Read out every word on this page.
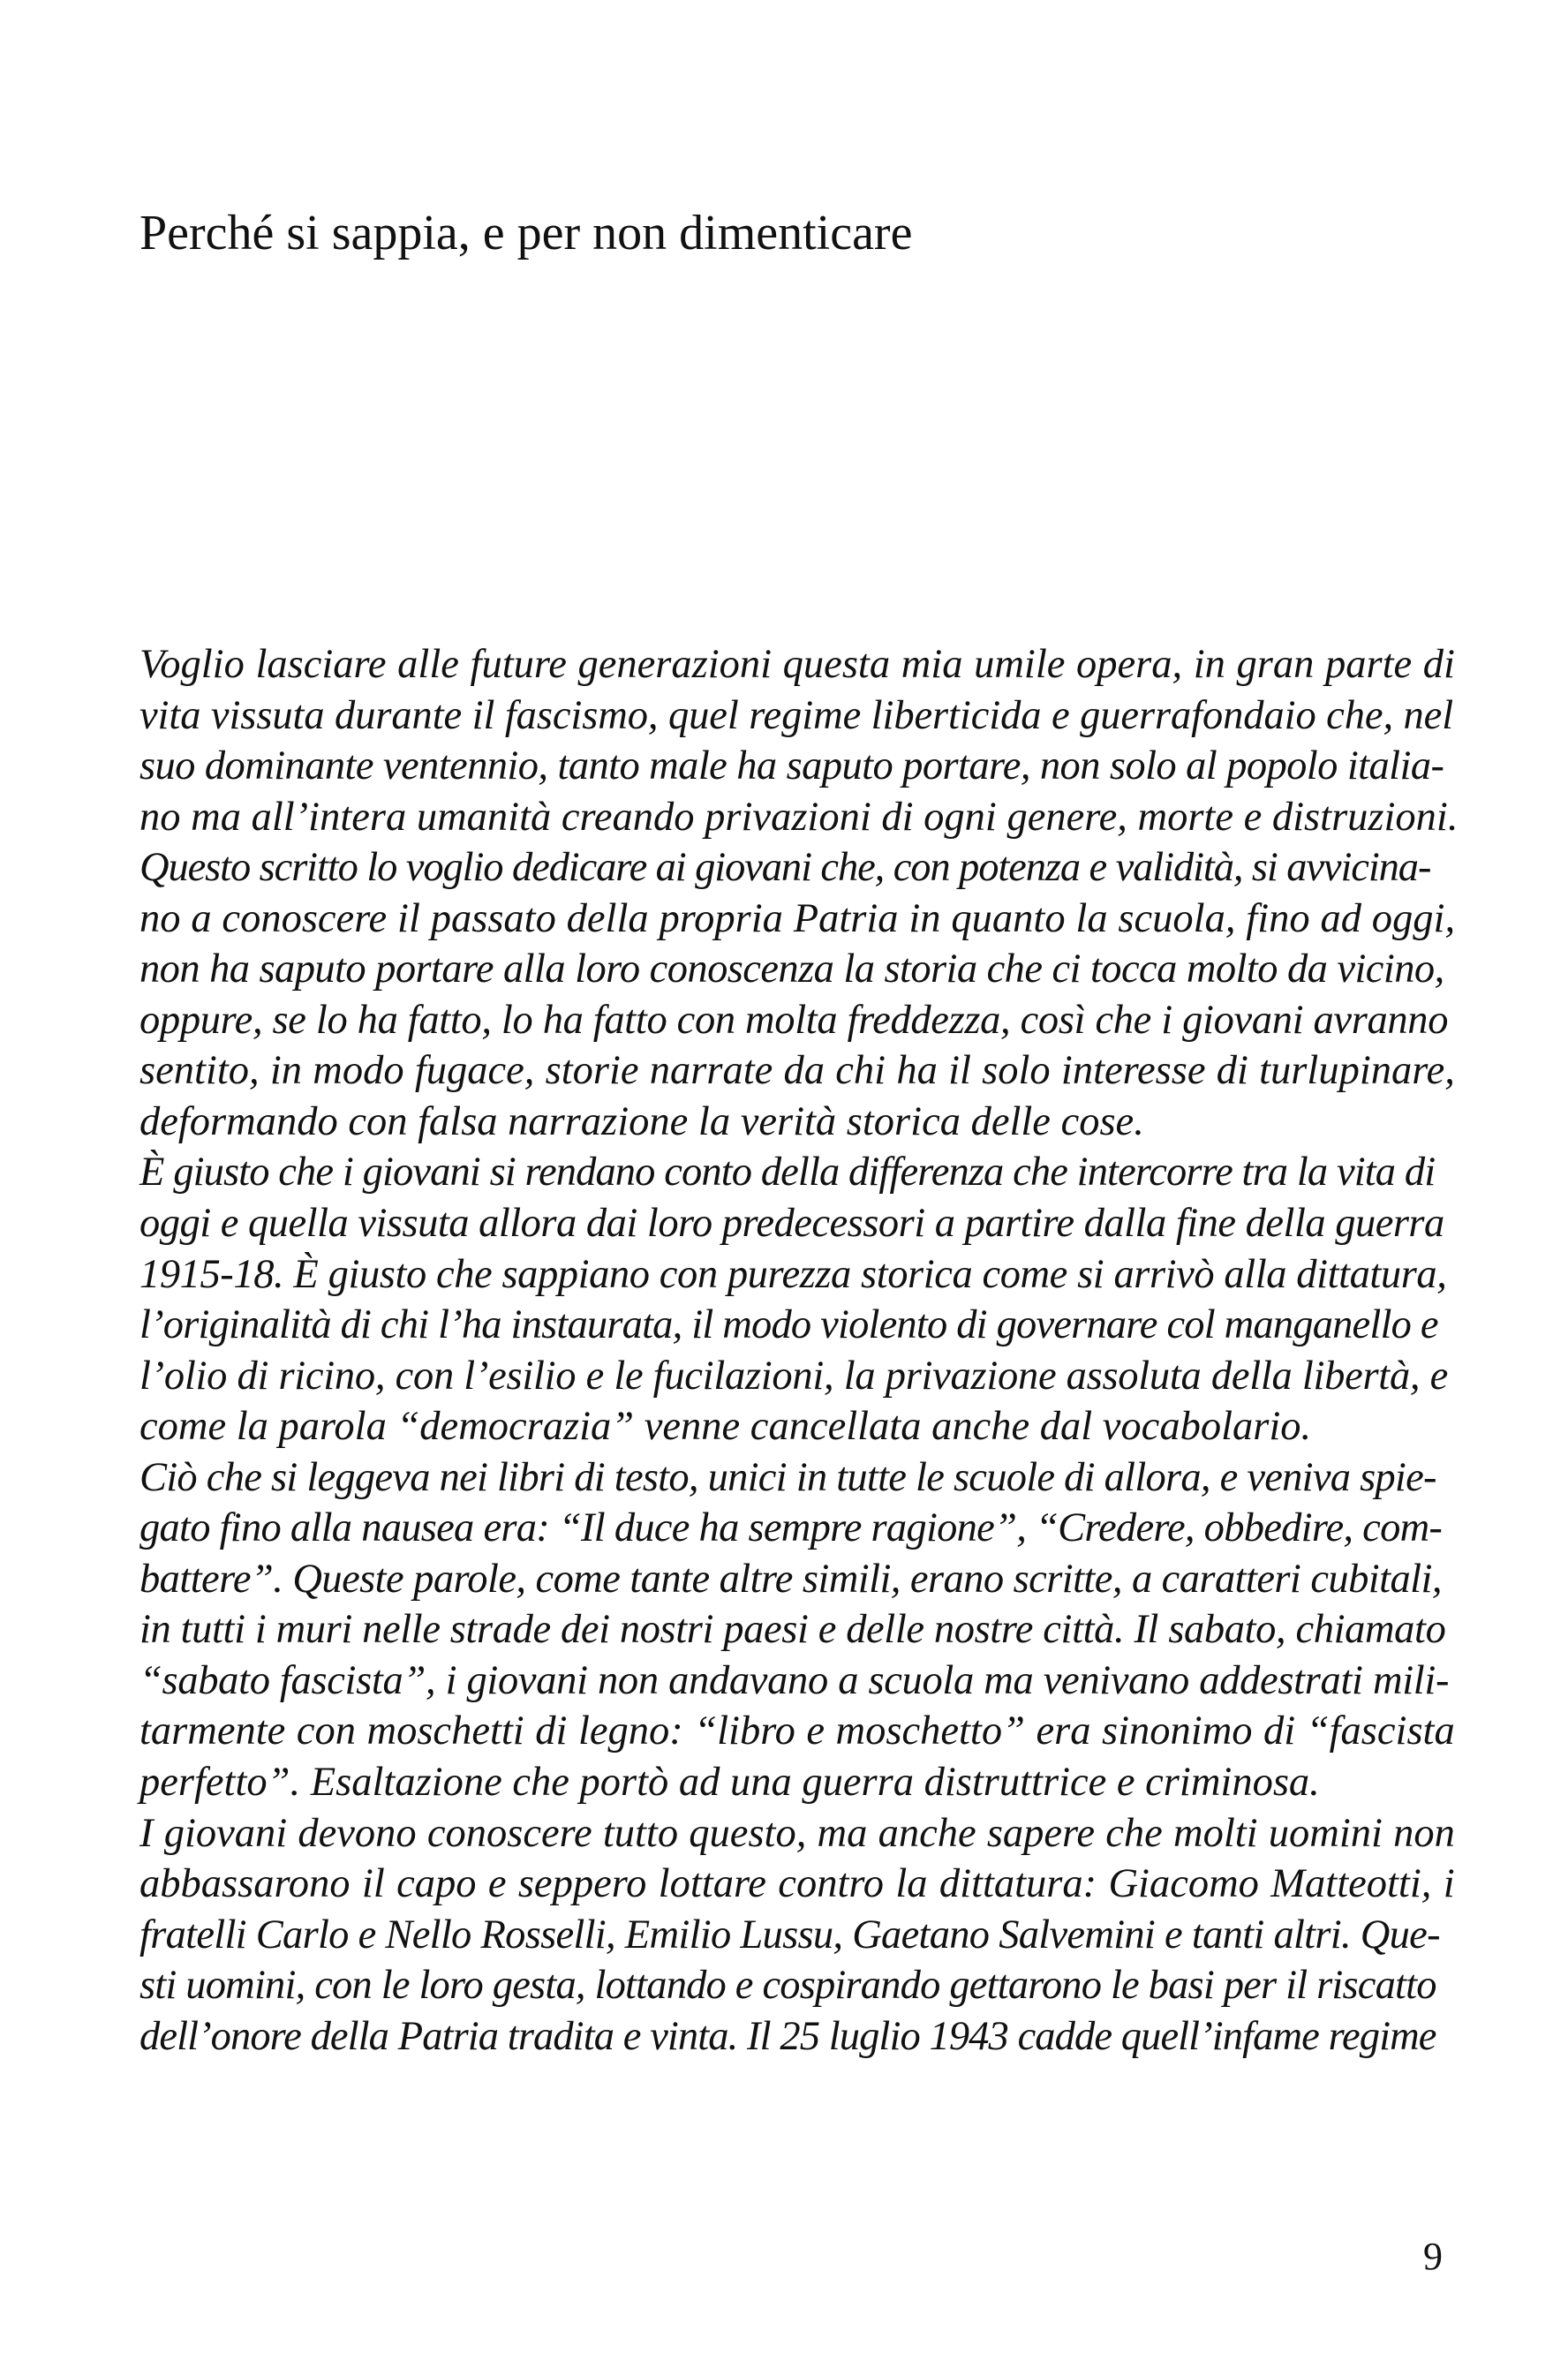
Perché si sappia, e per non dimenticare
Voglio lasciare alle future generazioni questa mia umile opera, in gran parte di
vita vissuta durante il fascismo, quel regime liberticida e guerrafondaio che, nel
suo dominante ventennio, tanto male ha saputo portare, non solo al popolo italia-
no ma all’intera umanità creando privazioni di ogni genere, morte e distruzioni.
Questo scritto lo voglio dedicare ai giovani che, con potenza e validità, si avvicina-
no a conoscere il passato della propria Patria in quanto la scuola, fino ad oggi,
non ha saputo portare alla loro conoscenza la storia che ci tocca molto da vicino,
oppure, se lo ha fatto, lo ha fatto con molta freddezza, così che i giovani avranno
sentito, in modo fugace, storie narrate da chi ha il solo interesse di turlupinare,
deformando con falsa narrazione la verità storica delle cose.
È giusto che i giovani si rendano conto della differenza che intercorre tra la vita di
oggi e quella vissuta allora dai loro predecessori a partire dalla fine della guerra
1915-18. È giusto che sappiano con purezza storica come si arrivò alla dittatura,
l’originalità di chi l’ha instaurata, il modo violento di governare col manganello e
l’olio di ricino, con l’esilio e le fucilazioni, la privazione assoluta della libertà, e
come la parola “democrazia” venne cancellata anche dal vocabolario.
Ciò che si leggeva nei libri di testo, unici in tutte le scuole di allora, e veniva spie-
gato fino alla nausea era: “Il duce ha sempre ragione”, “Credere, obbedire, com-
battere”. Queste parole, come tante altre simili, erano scritte, a caratteri cubitali,
in tutti i muri nelle strade dei nostri paesi e delle nostre città. Il sabato, chiamato
“sabato fascista”, i giovani non andavano a scuola ma venivano addestrati mili-
tarmente con moschetti di legno: “libro e moschetto” era sinonimo di “fascista
perfetto”. Esaltazione che portò ad una guerra distruttrice e criminosa.
I giovani devono conoscere tutto questo, ma anche sapere che molti uomini non
abbassarono il capo e seppero lottare contro la dittatura: Giacomo Matteotti, i
fratelli Carlo e Nello Rosselli, Emilio Lussu, Gaetano Salvemini e tanti altri. Que-
sti uomini, con le loro gesta, lottando e cospirando gettarono le basi per il riscatto
dell’onore della Patria tradita e vinta. Il 25 luglio 1943 cadde quell’infame regime
9
